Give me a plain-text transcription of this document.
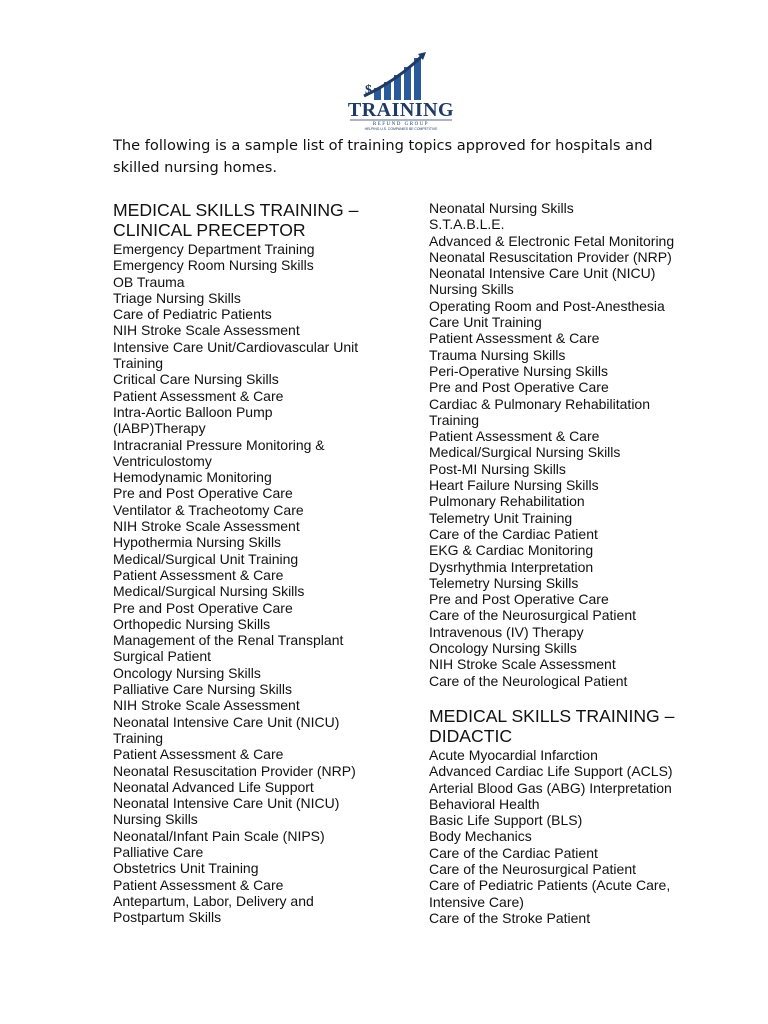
$
TRAINING
REFUND GROUP
HELPING U.S. COMPANIES BE COMPETITIVE
The following is a sample list of training topics approved for hospitals and skilled nursing homes.
MEDICAL SKILLS TRAINING –
CLINICAL PRECEPTOR
Emergency Department Training
Emergency Room Nursing Skills
OB Trauma
Triage Nursing Skills
Care of Pediatric Patients
NIH Stroke Scale Assessment
Intensive Care Unit/Cardiovascular Unit
Training
Critical Care Nursing Skills
Patient Assessment & Care
Intra-Aortic Balloon Pump
(IABP)Therapy
Intracranial Pressure Monitoring &
Ventriculostomy
Hemodynamic Monitoring
Pre and Post Operative Care
Ventilator & Tracheotomy Care
NIH Stroke Scale Assessment
Hypothermia Nursing Skills
Medical/Surgical Unit Training
Patient Assessment & Care
Medical/Surgical Nursing Skills
Pre and Post Operative Care
Orthopedic Nursing Skills
Management of the Renal Transplant
Surgical Patient
Oncology Nursing Skills
Palliative Care Nursing Skills
NIH Stroke Scale Assessment
Neonatal Intensive Care Unit (NICU)
Training
Patient Assessment & Care
Neonatal Resuscitation Provider (NRP)
Neonatal Advanced Life Support
Neonatal Intensive Care Unit (NICU)
Nursing Skills
Neonatal/Infant Pain Scale (NIPS)
Palliative Care
Obstetrics Unit Training
Patient Assessment & Care
Antepartum, Labor, Delivery and
Postpartum Skills
Neonatal Nursing Skills
S.T.A.B.L.E.
Advanced & Electronic Fetal Monitoring
Neonatal Resuscitation Provider (NRP)
Neonatal Intensive Care Unit (NICU)
Nursing Skills
Operating Room and Post-Anesthesia
Care Unit Training
Patient Assessment & Care
Trauma Nursing Skills
Peri-Operative Nursing Skills
Pre and Post Operative Care
Cardiac & Pulmonary Rehabilitation
Training
Patient Assessment & Care
Medical/Surgical Nursing Skills
Post-MI Nursing Skills
Heart Failure Nursing Skills
Pulmonary Rehabilitation
Telemetry Unit Training
Care of the Cardiac Patient
EKG & Cardiac Monitoring
Dysrhythmia Interpretation
Telemetry Nursing Skills
Pre and Post Operative Care
Care of the Neurosurgical Patient
Intravenous (IV) Therapy
Oncology Nursing Skills
NIH Stroke Scale Assessment
Care of the Neurological Patient
MEDICAL SKILLS TRAINING –
DIDACTIC
Acute Myocardial Infarction
Advanced Cardiac Life Support (ACLS)
Arterial Blood Gas (ABG) Interpretation
Behavioral Health
Basic Life Support (BLS)
Body Mechanics
Care of the Cardiac Patient
Care of the Neurosurgical Patient
Care of Pediatric Patients (Acute Care,
Intensive Care)
Care of the Stroke Patient
